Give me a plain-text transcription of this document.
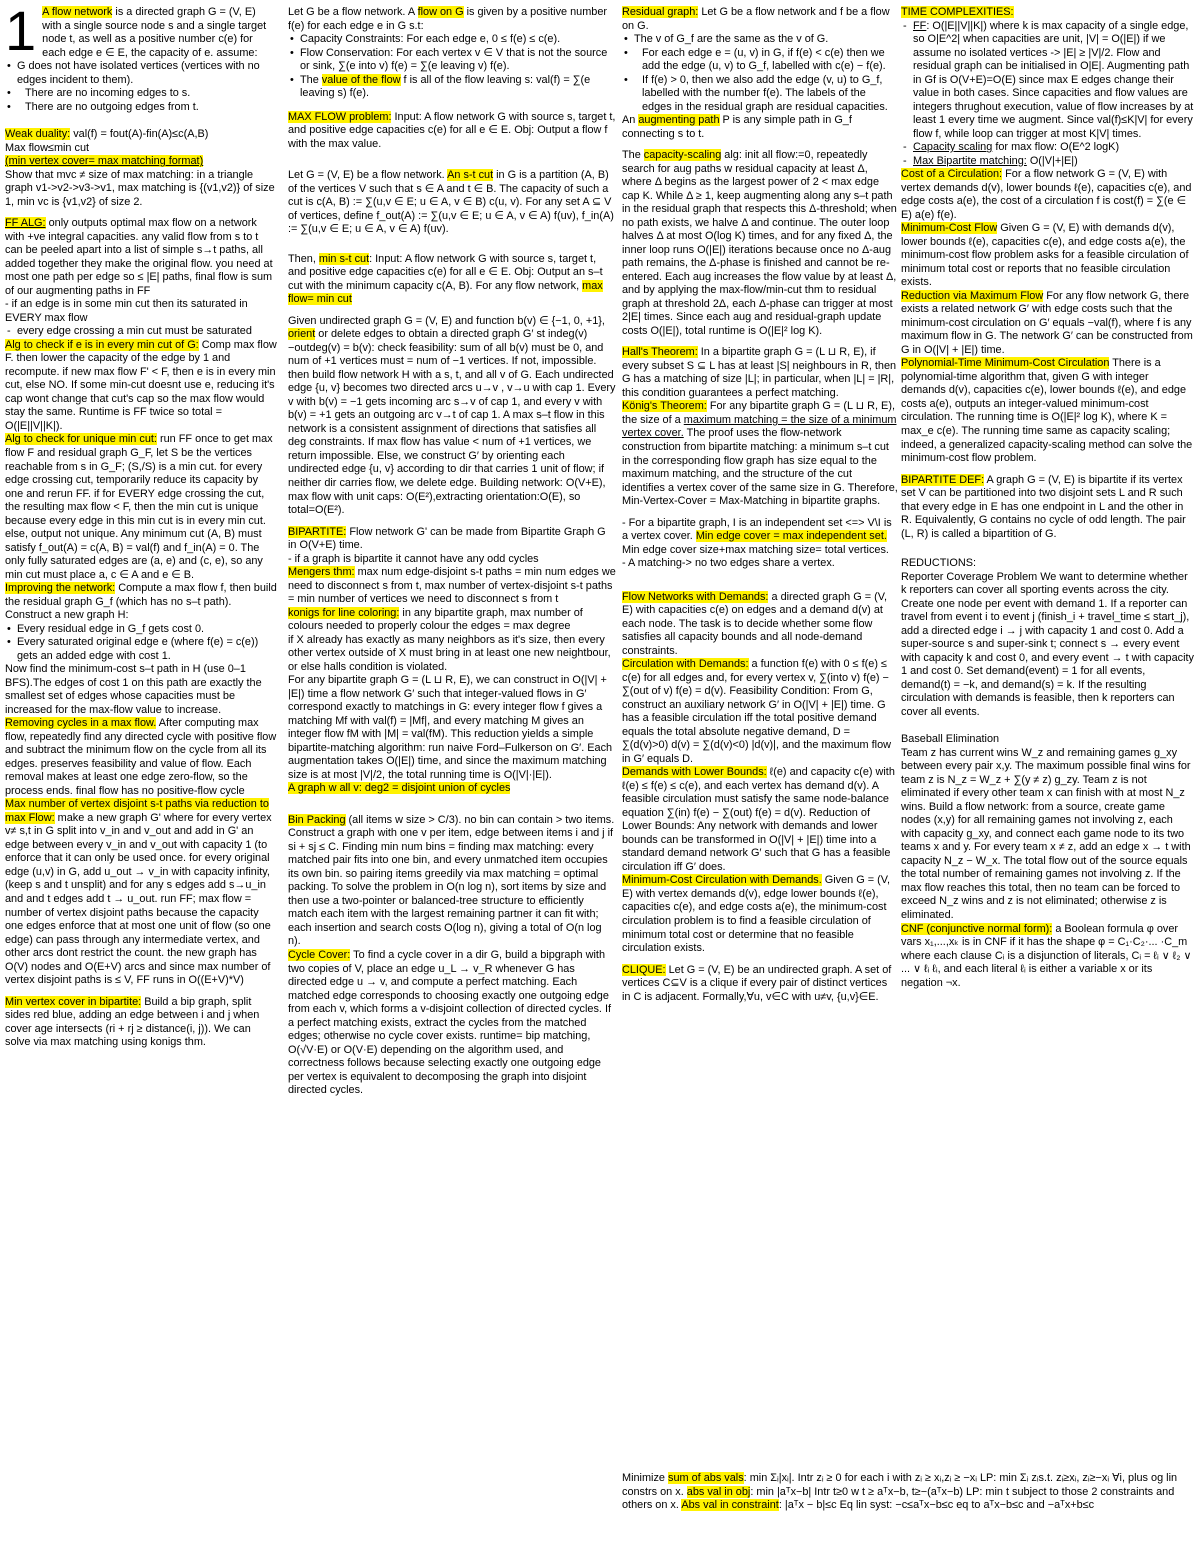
1 A flow network is a directed graph G = (V, E) with a single source node s and a single target node t, as well as a positive number c(e) for each edge e ∈ E, the capacity of e. assume:
• G does not have isolated vertices (vertices with no edges incident to them).
• There are no incoming edges to s.
• There are no outgoing edges from t.
Weak duality: val(f) = fout(A)-fin(A)≤c(A,B)
Max flow≤min cut
(min vertex cover= max matching format)
Show that mvc ≠ size of max matching: in a triangle graph v1->v2->v3->v1, max matching is {(v1,v2)} of size 1, min vc is {v1,v2} of size 2.
FF ALG: only outputs optimal max flow on a network with +ve integral capacities. any valid flow from s to t can be peeled apart into a list of simple s→t paths, all added together they make the original flow. you need at most one path per edge so ≤ |E| paths, final flow is sum of our augmenting paths in FF
- if an edge is in some min cut then its saturated in EVERY max flow
- every edge crossing a min cut must be saturated
Alg to check if e is in every min cut of G: Comp max flow F. then lower the capacity of the edge by 1 and recompute. if new max flow F' < F, then e is in every min cut, else NO. If some min-cut doesnt use e, reducing it's cap wont change that cut's cap so the max flow would stay the same. Runtime is FF twice so total = O(|E||V||K|).
Alg to check for unique min cut: run FF once to get max flow F and residual graph G_F, let S be the vertices reachable from s in G_F; (S,/S) is a min cut. for every edge crossing cut, temporarily reduce its capacity by one and rerun FF. if for EVERY edge crossing the cut, the resulting max flow < F, then the min cut is unique because every edge in this min cut is in every min cut. else, output not unique. Any minimum cut (A, B) must satisfy f_out(A) = c(A, B) = val(f) and f_in(A) = 0. The only fully saturated edges are (a, e) and (c, e), so any min cut must place a, c ∈ A and e ∈ B.
Improving the network: Compute a max flow f, then build the residual graph G_f (which has no s–t path). Construct a new graph H:
• Every residual edge in G_f gets cost 0.
• Every saturated original edge e (where f(e) = c(e)) gets an added edge with cost 1.
Now find the minimum-cost s–t path in H (use 0–1 BFS).The edges of cost 1 on this path are exactly the smallest set of edges whose capacities must be increased for the max-flow value to increase.
Removing cycles in a max flow. After computing max flow, repeatedly find any directed cycle with positive flow and subtract the minimum flow on the cycle from all its edges. preserves feasibility and value of flow. Each removal makes at least one edge zero-flow, so the process ends. final flow has no positive-flow cycle
Max number of vertex disjoint s-t paths via reduction to max Flow: make a new graph G' where for every vertex v≠ s,t in G split into v_in and v_out and add in G' an edge between every v_in and v_out with capacity 1 (to enforce that it can only be used once. for every original edge (u,v) in G, add u_out → v_in with capacity infinity, (keep s and t unsplit) and for any s edges add s→u_in and and t edges add t → u_out. run FF; max flow = number of vertex disjoint paths because the capacity one edges enforce that at most one unit of flow (so one edge) can pass through any intermediate vertex, and other arcs dont restrict the count. the new graph has O(V) nodes and O(E+V) arcs and since max number of vertex disjoint paths is ≤ V, FF runs in O((E+V)*V)
Min vertex cover in bipartite: Build a bip graph, split sides red blue, adding an edge between i and j when cover age intersects (ri + rj ≥ distance(i, j)). We can solve via max matching using konigs thm.
Let G be a flow network. A flow on G is given by a positive number f(e) for each edge e in G s.t:
• Capacity Constraints: For each edge e, 0 ≤ f(e) ≤ c(e).
• Flow Conservation: For each vertex v ∈ V that is not the source or sink, ∑(e into v) f(e) = ∑(e leaving v) f(e).
• The value of the flow f is all of the flow leaving s: val(f) = ∑(e leaving s) f(e).
MAX FLOW problem: Input: A flow network G with source s, target t, and positive edge capacities c(e) for all e ∈ E. Obj: Output a flow f with the max value.
Let G = (V, E) be a flow network. An s-t cut in G is a partition (A, B) of the vertices V such that s ∈ A and t ∈ B. The capacity of such a cut is c(A, B) := ∑(u,v ∈ E; u ∈ A, v ∈ B) c(u, v). For any set A ⊆ V of vertices, define f_out(A) := ∑(u,v ∈ E; u ∈ A, v ∈ A) f(uv), f_in(A) := ∑(u,v ∈ E; u ∈ A, v ∈ A) f(uv).
Then, min s-t cut: Input: A flow network G with source s, target t, and positive edge capacities c(e) for all e ∈ E. Obj: Output an s–t cut with the minimum capacity c(A, B). For any flow network, max flow= min cut
Given undirected graph G = (V, E) and function b(v) ∈ {−1, 0, +1}, orient or delete edges to obtain a directed graph G′ st indeg(v)−outdeg(v) = b(v): check feasibility: sum of all b(v) must be 0, and num of +1 vertices must = num of −1 vertices. If not, impossible. then build flow network H with a s, t, and all v of G. Each undirected edge {u, v} becomes two directed arcs u→v , v→u with cap 1. Every v with b(v) = −1 gets incoming arc s→v of cap 1, and every v with b(v) = +1 gets an outgoing arc v→t of cap 1. A max s–t flow in this network is a consistent assignment of directions that satisfies all deg constraints. If max flow has value < num of +1 vertices, we return impossible. Else, we construct G′ by orienting each undirected edge {u, v} according to dir that carries 1 unit of flow; if neither dir carries flow, we delete edge. Building network: O(V+E), max flow with unit caps: O(E²),extracting orientation:O(E), so total=O(E²).
BIPARTITE: Flow network G' can be made from Bipartite Graph G in O(V+E) time.
- if a graph is bipartite it cannot have any odd cycles
Mengers thm: max num edge-disjoint s-t paths = min num edges we need to disconnect s from t, max number of vertex-disjoint s-t paths = min number of vertices we need to disconnect s from t
konigs for line coloring: in any bipartite graph, max number of colours needed to properly colour the edges = max degree
if X already has exactly as many neighbors as it's size, then every other vertex outside of X must bring in at least one new neightbour, or else halls condition is violated.
For any bipartite graph G = (L ⊔ R, E), we can construct in O(|V| + |E|) time a flow network G′ such that integer-valued flows in G′ correspond exactly to matchings in G: every integer flow f gives a matching Mf with val(f) = |Mf|, and every matching M gives an integer flow fM with |M| = val(fM). This reduction yields a simple bipartite-matching algorithm: run naive Ford–Fulkerson on G′. Each augmentation takes O(|E|) time, and since the maximum matching size is at most |V|/2, the total running time is O(|V|·|E|).
A graph w all v: deg2 = disjoint union of cycles
Bin Packing (all items w size > C/3). no bin can contain > two items. Construct a graph with one v per item, edge between items i and j if si + sj ≤ C. Finding min num bins = finding max matching: every matched pair fits into one bin, and every unmatched item occupies its own bin. so pairing items greedily via max matching = optimal packing. To solve the problem in O(n log n), sort items by size and then use a two-pointer or balanced-tree structure to efficiently match each item with the largest remaining partner it can fit with; each insertion and search costs O(log n), giving a total of O(n log n).
Cycle Cover: To find a cycle cover in a dir G, build a bipgraph with two copies of V, place an edge u_L → v_R whenever G has directed edge u → v, and compute a perfect matching. Each matched edge corresponds to choosing exactly one outgoing edge from each v, which forms a v-disjoint collection of directed cycles. If a perfect matching exists, extract the cycles from the matched edges; otherwise no cycle cover exists. runtime= bip matching, O(√V·E) or O(V·E) depending on the algorithm used, and correctness follows because selecting exactly one outgoing edge per vertex is equivalent to decomposing the graph into disjoint directed cycles.
Residual graph: Let G be a flow network and f be a flow on G.
• The v of G_f are the same as the v of G.
• For each edge e = (u, v) in G, if f(e) < c(e) then we add the edge (u, v) to G_f, labelled with c(e) − f(e).
• If f(e) > 0, then we also add the edge (v, u) to G_f, labelled with the number f(e). The labels of the edges in the residual graph are residual capacities.
An augmenting path P is any simple path in G_f connecting s to t.
The capacity-scaling alg: init all flow:=0, repeatedly search for aug paths w residual capacity at least Δ, where Δ begins as the largest power of 2 < max edge cap K. While Δ ≥ 1, keep augmenting along any s–t path in the residual graph that respects this Δ-threshold; when no path exists, we halve Δ and continue. The outer loop halves Δ at most O(log K) times, and for any fixed Δ, the inner loop runs O(|E|) iterations because once no Δ-aug path remains, the Δ-phase is finished and cannot be re-entered. Each aug increases the flow value by at least Δ, and by applying the max-flow/min-cut thm to residual graph at threshold 2Δ, each Δ-phase can trigger at most 2|E| times. Since each aug and residual-graph update costs O(|E|), total runtime is O(|E|² log K).
Hall's Theorem: In a bipartite graph G = (L ⊔ R, E), if every subset S ⊆ L has at least |S| neighbours in R, then G has a matching of size |L|; in particular, when |L| = |R|, this condition guarantees a perfect matching.
König's Theorem: For any bipartite graph G = (L ⊔ R, E), the size of a maximum matching = the size of a minimum vertex cover. The proof uses the flow-network construction from bipartite matching: a minimum s–t cut in the corresponding flow graph has size equal to the maximum matching, and the structure of the cut identifies a vertex cover of the same size in G. Therefore, Min-Vertex-Cover = Max-Matching in bipartite graphs.
- For a bipartite graph, I is an independent set <=> V\I is a vertex cover. Min edge cover = max independent set. Min edge cover size+max matching size= total vertices.
- A matching-> no two edges share a vertex.
Flow Networks with Demands: a directed graph G = (V, E) with capacities c(e) on edges and a demand d(v) at each node. The task is to decide whether some flow satisfies all capacity bounds and all node-demand constraints.
Circulation with Demands: a function f(e) with 0 ≤ f(e) ≤ c(e) for all edges and, for every vertex v, ∑(into v) f(e) − ∑(out of v) f(e) = d(v). Feasibility Condition: From G, construct an auxiliary network G′ in O(|V| + |E|) time. G has a feasible circulation iff the total positive demand equals the total absolute negative demand, D = ∑(d(v)>0) d(v) = ∑(d(v)<0) |d(v)|, and the maximum flow in G′ equals D.
Demands with Lower Bounds: ℓ(e) and capacity c(e) with ℓ(e) ≤ f(e) ≤ c(e), and each vertex has demand d(v). A feasible circulation must satisfy the same node-balance equation ∑(in) f(e) − ∑(out) f(e) = d(v). Reduction of Lower Bounds: Any network with demands and lower bounds can be transformed in O(|V| + |E|) time into a standard demand network G′ such that G has a feasible circulation iff G′ does.
Minimum-Cost Circulation with Demands. Given G = (V, E) with vertex demands d(v), edge lower bounds ℓ(e), capacities c(e), and edge costs a(e), the minimum-cost circulation problem is to find a feasible circulation of minimum total cost or determine that no feasible circulation exists.
CLIQUE: Let G = (V, E) be an undirected graph. A set of vertices C⊆V is a clique if every pair of distinct vertices in C is adjacent. Formally,∀u, v∈C with u≠v, {u,v}∈E.
TIME COMPLEXITIES:
- FF: O(|E||V||K|) where k is max capacity of a single edge, so O|E^2| when capacities are unit, |V| = O(|E|) if we assume no isolated vertices -> |E| ≥ |V|/2. Flow and residual graph can be initialised in O|E|. Augmenting path in Gf is O(V+E)=O(E) since max E edges change their value in both cases. Since capacities and flow values are integers thrughout execution, value of flow increases by at least 1 every time we augment. Since val(f)≤K|V| for every flow f, while loop can trigger at most K|V| times.
- Capacity scaling for max flow: O(E^2 logK)
- Max Bipartite matching: O(|V|+|E|)
Cost of a Circulation: For a flow network G = (V, E) with vertex demands d(v), lower bounds ℓ(e), capacities c(e), and edge costs a(e), the cost of a circulation f is cost(f) = ∑(e ∈ E) a(e) f(e).
Minimum-Cost Flow Given G = (V, E) with demands d(v), lower bounds ℓ(e), capacities c(e), and edge costs a(e), the minimum-cost flow problem asks for a feasible circulation of minimum total cost or reports that no feasible circulation exists.
Reduction via Maximum Flow For any flow network G, there exists a related network G′ with edge costs such that the minimum-cost circulation on G′ equals −val(f), where f is any maximum flow in G. The network G′ can be constructed from G in O(|V| + |E|) time.
Polynomial-Time Minimum-Cost Circulation There is a polynomial-time algorithm that, given G with integer demands d(v), capacities c(e), lower bounds ℓ(e), and edge costs a(e), outputs an integer-valued minimum-cost circulation. The running time is O(|E|² log K), where K = max_e c(e). The running time same as capacity scaling; indeed, a generalized capacity-scaling method can solve the minimum-cost flow problem.
BIPARTITE DEF: A graph G = (V, E) is bipartite if its vertex set V can be partitioned into two disjoint sets L and R such that every edge in E has one endpoint in L and the other in R. Equivalently, G contains no cycle of odd length. The pair (L, R) is called a bipartition of G.
REDUCTIONS:
Reporter Coverage Problem We want to determine whether k reporters can cover all sporting events across the city. Create one node per event with demand 1. If a reporter can travel from event i to event j (finish_i + travel_time ≤ start_j), add a directed edge i → j with capacity 1 and cost 0. Add a super-source s and super-sink t; connect s → every event with capacity k and cost 0, and every event → t with capacity 1 and cost 0. Set demand(event) = 1 for all events, demand(t) = −k, and demand(s) = k. If the resulting circulation with demands is feasible, then k reporters can cover all events.
Baseball Elimination
Team z has current wins W_z and remaining games g_xy between every pair x,y. The maximum possible final wins for team z is N_z = W_z + ∑(y ≠ z) g_zy. Team z is not eliminated if every other team x can finish with at most N_z wins. Build a flow network: from a source, create game nodes (x,y) for all remaining games not involving z, each with capacity g_xy, and connect each game node to its two teams x and y. For every team x ≠ z, add an edge x → t with capacity N_z − W_x. The total flow out of the source equals the total number of remaining games not involving z. If the max flow reaches this total, then no team can be forced to exceed N_z wins and z is not eliminated; otherwise z is eliminated.
CNF (conjunctive normal form): a Boolean formula φ over vars x₁,...,xₖ is in CNF if it has the shape φ = C₁·C₂·... ·C_m where each clause Cᵢ is a disjunction of literals, Cᵢ = ℓᵢ ∨ ℓ₂ ∨ ... ∨ ℓᵢ ℓᵢ, and each literal ℓᵢ is either a variable x or its negation ¬x.
Minimize sum of abs vals: min Σᵢ|xᵢ|. Intr zᵢ ≥ 0 for each i with zᵢ ≥ xᵢ,zᵢ ≥ −xᵢ LP: min Σᵢ zᵢs.t. zᵢ≥xᵢ, zᵢ≥−xᵢ ∀i, plus og lin constrs on x. abs val in obj: min |aᵀx−b| Intr t≥0 w t ≥ aᵀx−b, t≥−(aᵀx−b) LP: min t subject to those 2 constraints and others on x. Abs val in constraint: |aᵀx − b|≤c Eq lin syst: −c≤aᵀx−b≤c eq to aᵀx−b≤c and −aᵀx+b≤c
